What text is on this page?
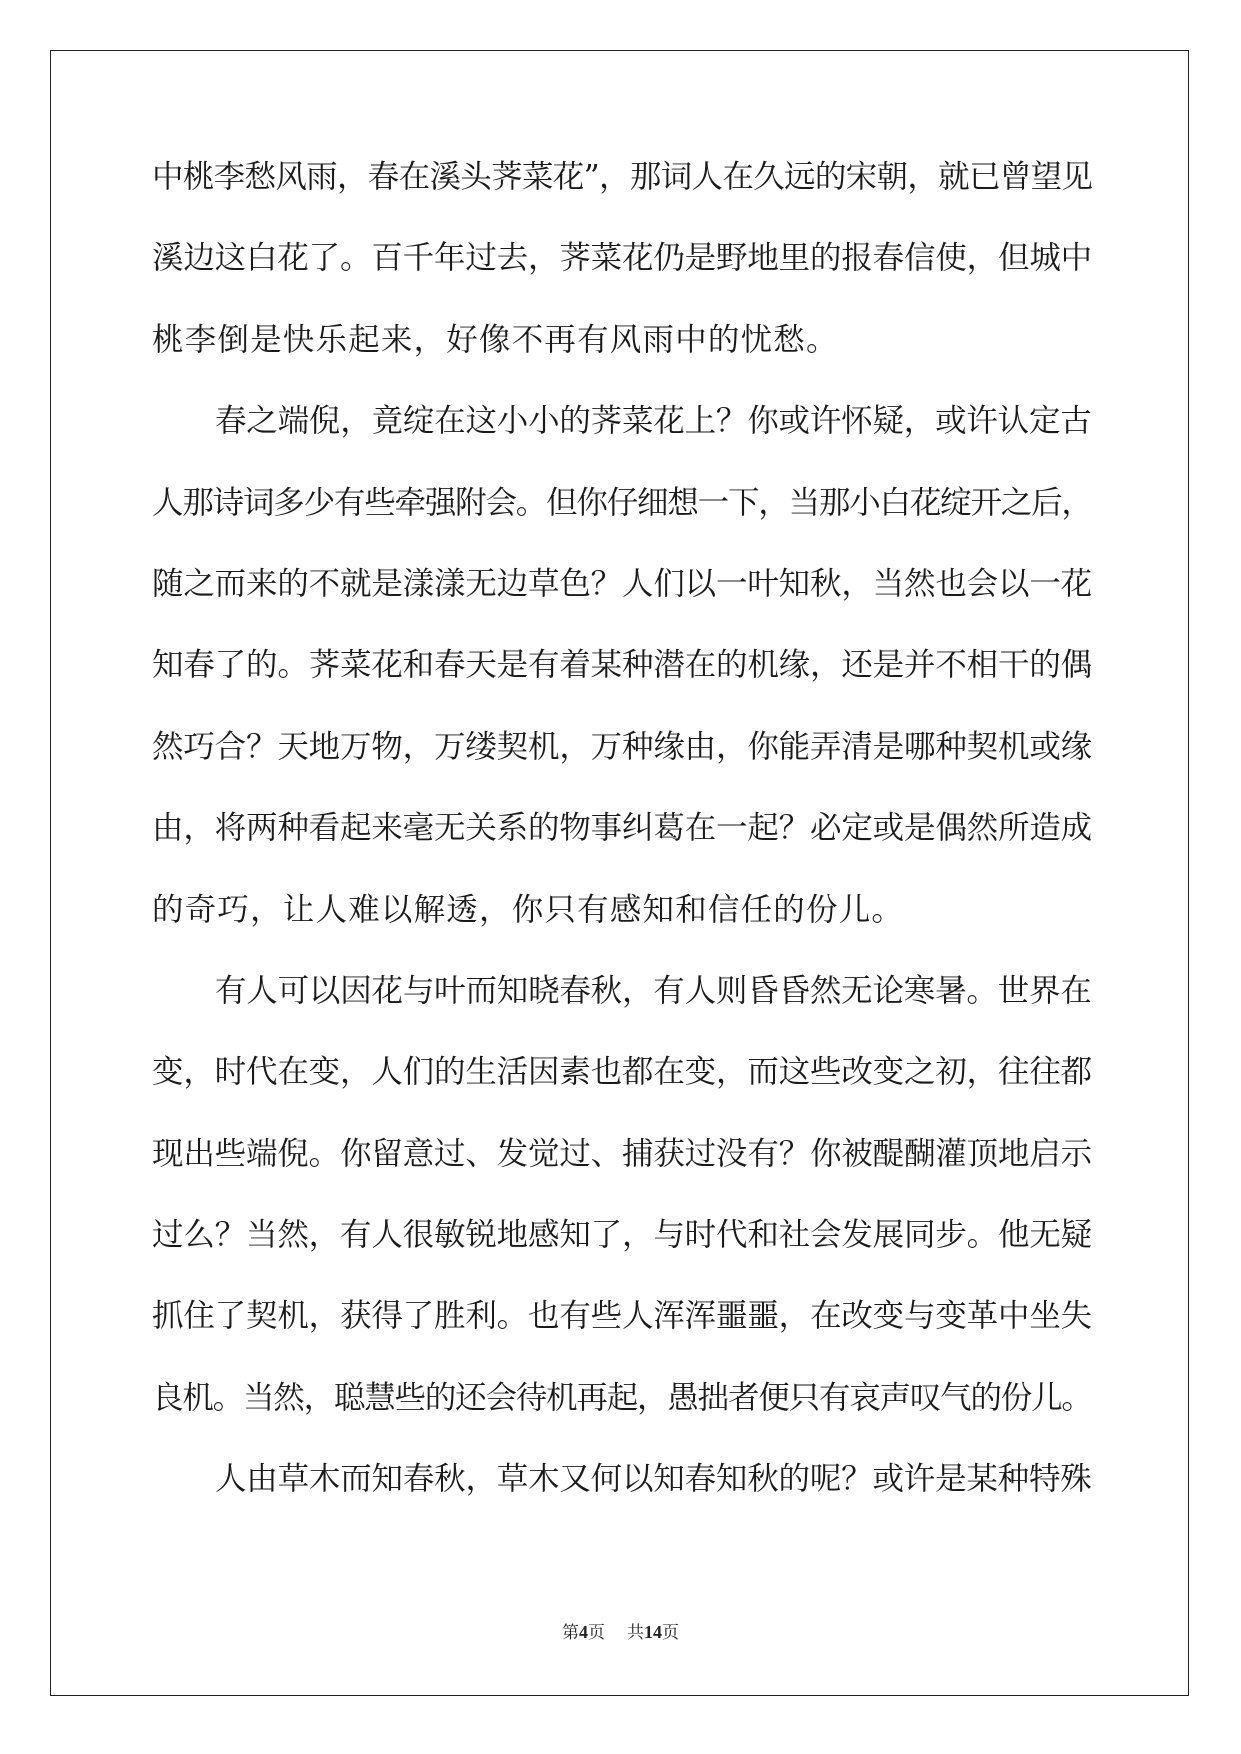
中桃李愁风雨，春在溪头荠菜花”，那词人在久远的宋朝，就已曾望见
溪边这白花了。百千年过去，荠菜花仍是野地里的报春信使，但城中
桃李倒是快乐起来，好像不再有风雨中的忧愁。
春之端倪，竟绽在这小小的荠菜花上？你或许怀疑，或许认定古
人那诗词多少有些牵强附会。但你仔细想一下，当那小白花绽开之后，
随之而来的不就是漾漾无边草色？人们以一叶知秋，当然也会以一花
知春了的。荠菜花和春天是有着某种潜在的机缘，还是并不相干的偶
然巧合？天地万物，万缕契机，万种缘由，你能弄清是哪种契机或缘
由，将两种看起来毫无关系的物事纠葛在一起？必定或是偶然所造成
的奇巧，让人难以解透，你只有感知和信任的份儿。
有人可以因花与叶而知晓春秋，有人则昏昏然无论寒暑。世界在
变，时代在变，人们的生活因素也都在变，而这些改变之初，往往都
现出些端倪。你留意过、发觉过、捕获过没有？你被醍醐灌顶地启示
过么？当然，有人很敏锐地感知了，与时代和社会发展同步。他无疑
抓住了契机，获得了胜利。也有些人浑浑噩噩，在改变与变革中坐失
良机。当然，聪慧些的还会待机再起，愚拙者便只有哀声叹气的份儿。
人由草木而知春秋，草木又何以知春知秋的呢？或许是某种特殊
第4页 共14页
